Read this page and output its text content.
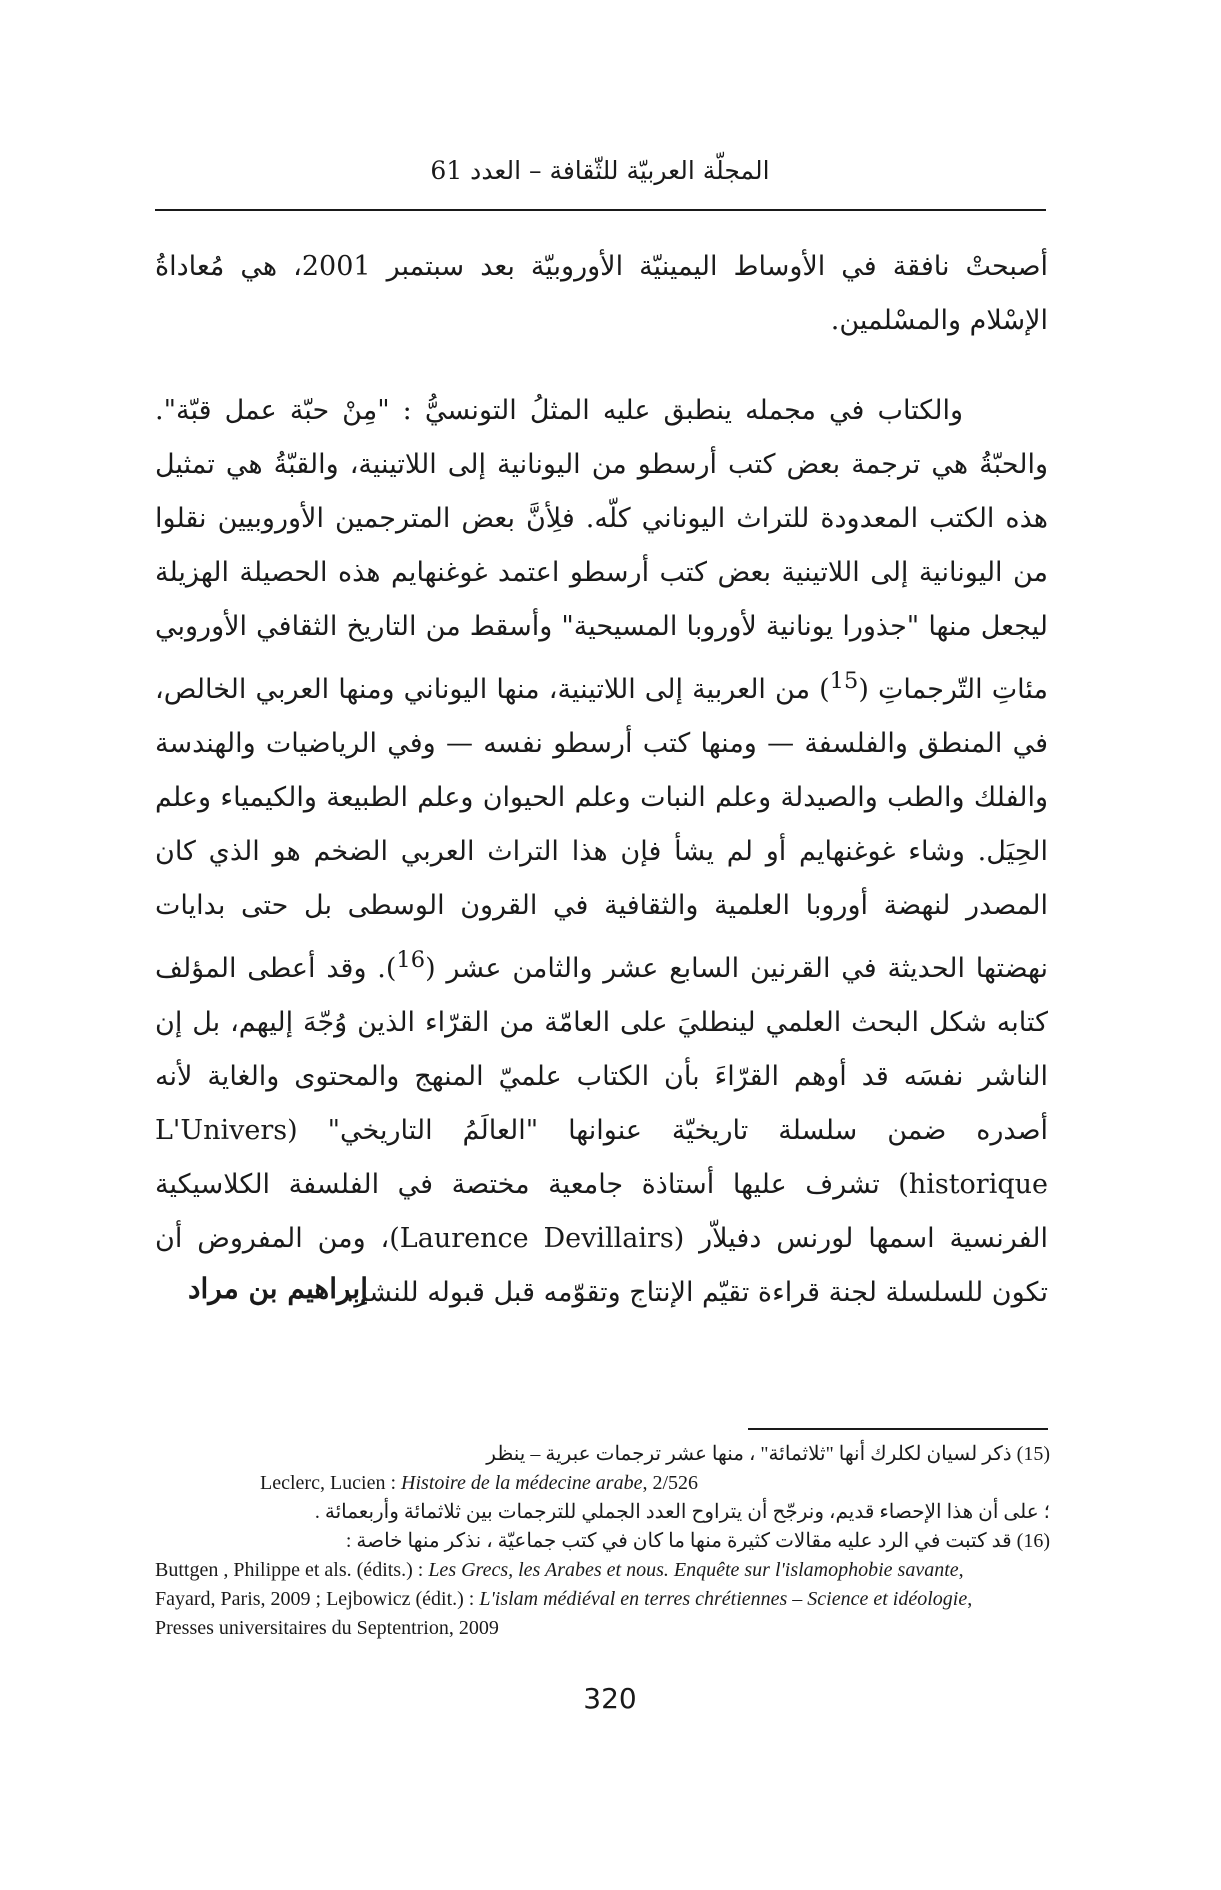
المجلّة العربيّة للثّقافة – العدد 61

أصبحتْ نافقة في الأوساط اليمينيّة الأوروبيّة بعد سبتمبر 2001، هي مُعاداةُ الإسْلام والمسْلمين.

والكتاب في مجمله ينطبق عليه المثلُ التونسيُّ : "مِنْ حبّة عمل قبّة". والحبّةُ هي ترجمة بعض كتب أرسطو من اليونانية إلى اللاتينية، والقبّةُ هي تمثيل هذه الكتب المعدودة للتراث اليوناني كلّه. فلِأنَّ بعض المترجمين الأوروبيين نقلوا من اليونانية إلى اللاتينية بعض كتب أرسطو اعتمد غوغنهايم هذه الحصيلة الهزيلة ليجعل منها "جذورا يونانية لأوروبا المسيحية" وأسقط من التاريخ الثقافي الأوروبي مئاتِ التّرجماتِ ($^{15}$) من العربية إلى اللاتينية، منها اليوناني ومنها العربي الخالص، في المنطق والفلسفة — ومنها كتب أرسطو نفسه — وفي الرياضيات والهندسة والفلك والطب والصيدلة وعلم النبات وعلم الحيوان وعلم الطبيعة والكيمياء وعلم الحِيَل. وشاء غوغنهايم أو لم يشأ فإن هذا التراث العربي الضخم هو الذي كان المصدر لنهضة أوروبا العلمية والثقافية في القرون الوسطى بل حتى بدايات نهضتها الحديثة في القرنين السابع عشر والثامن عشر ($^{16}$). وقد أعطى المؤلف كتابه شكل البحث العلمي لينطليَ على العامّة من القرّاء الذين وُجّهَ إليهم، بل إن الناشر نفسَه قد أوهم القرّاءَ بأن الكتاب علميّ المنهج والمحتوى والغاية لأنه أصدره ضمن سلسلة تاريخيّة عنوانها "العالَمُ التاريخي" (L'Univers historique) تشرف عليها أستاذة جامعية مختصة في الفلسفة الكلاسيكية الفرنسية اسمها لورنس دفيلاّر (Laurence Devillairs)، ومن المفروض أن تكون للسلسلة لجنة قراءة تقيّم الإنتاج وتقوّمه قبل قبوله للنشر.

إبراهيم بن مراد
(15) ذكر لسيان لكلرك أنها "ثلاثمائة" ، منها عشر ترجمات عبرية – ينظر
Leclerc, Lucien : Histoire de la médecine arabe, 2/526
؛ على أن هذا الإحصاء قديم، ونرجّح أن يتراوح العدد الجملي للترجمات بين ثلاثمائة وأربعمائة .
(16) قد كتبت في الرد عليه مقالات كثيرة منها ما كان في كتب جماعيّة ، نذكر منها خاصة :
Buttgen , Philippe et als. (édits.) : Les Grecs, les Arabes et nous. Enquête sur l'islamophobie savante, Fayard, Paris, 2009 ; Lejbowicz (édit.) : L'islam médiéval en terres chrétiennes – Science et idéologie, Presses universitaires du Septentrion, 2009
320
